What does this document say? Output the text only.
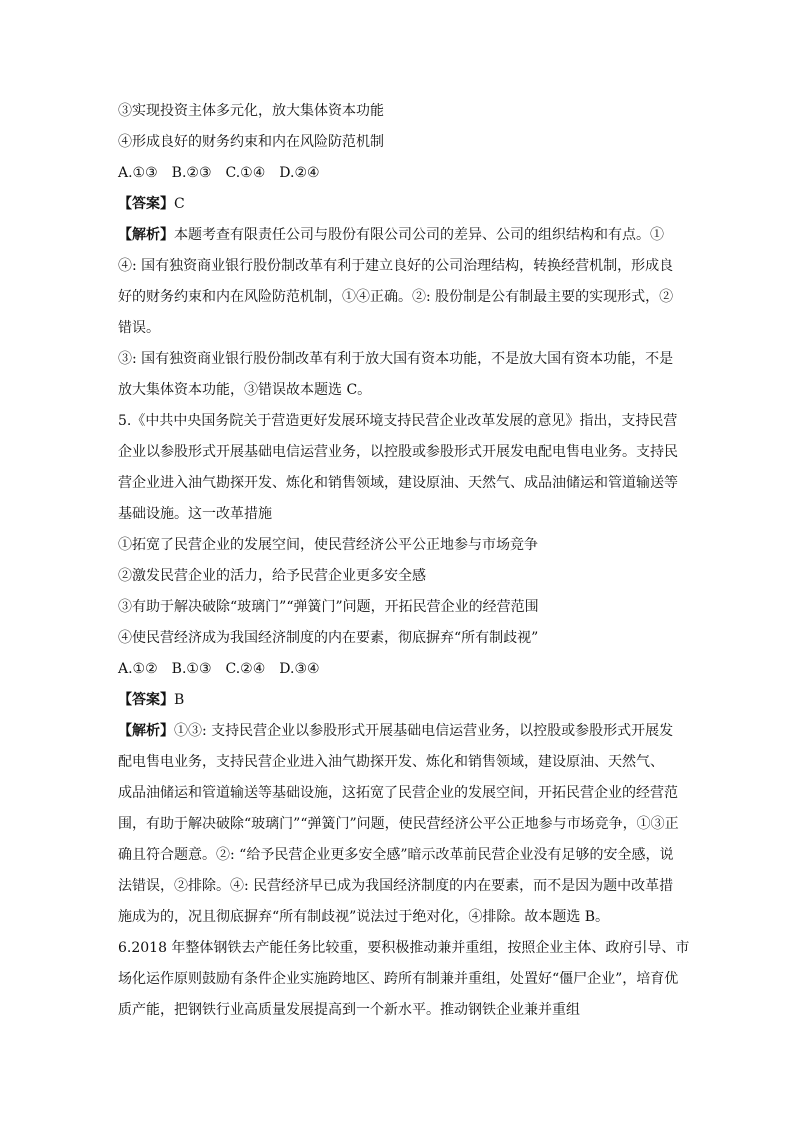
③实现投资主体多元化，放大集体资本功能
④形成良好的财务约束和内在风险防范机制
A.①③ B.②③ C.①④ D.②④
【答案】C
【解析】本题考查有限责任公司与股份有限公司公司的差异、公司的组织结构和有点。①
④: 国有独资商业银行股份制改革有利于建立良好的公司治理结构，转换经营机制，形成良
好的财务约束和内在风险防范机制，①④正确。②: 股份制是公有制最主要的实现形式，②
错误。
③: 国有独资商业银行股份制改革有利于放大国有资本功能，不是放大国有资本功能，不是
放大集体资本功能，③错误故本题选 C。
5.《中共中央国务院关于营造更好发展环境支持民营企业改革发展的意见》指出，支持民营
企业以参股形式开展基础电信运营业务，以控股或参股形式开展发电配电售电业务。支持民
营企业进入油气勘探开发、炼化和销售领域，建设原油、天然气、成品油储运和管道输送等
基础设施。这一改革措施
①拓宽了民营企业的发展空间，使民营经济公平公正地参与市场竞争
②激发民营企业的活力，给予民营企业更多安全感
③有助于解决破除“玻璃门”“弹簧门”问题，开拓民营企业的经营范围
④使民营经济成为我国经济制度的内在要素，彻底摒弃“所有制歧视”
A.①② B.①③ C.②④ D.③④
【答案】B
【解析】①③: 支持民营企业以参股形式开展基础电信运营业务，以控股或参股形式开展发
配电售电业务，支持民营企业进入油气勘探开发、炼化和销售领域，建设原油、天然气、
成品油储运和管道输送等基础设施，这拓宽了民营企业的发展空间，开拓民营企业的经营范
围，有助于解决破除“玻璃门”“弹簧门”问题，使民营经济公平公正地参与市场竞争，①③正
确且符合题意。②: “给予民营企业更多安全感”暗示改革前民营企业没有足够的安全感，说
法错误，②排除。④: 民营经济早已成为我国经济制度的内在要素，而不是因为题中改革措
施成为的，况且彻底摒弃“所有制歧视”说法过于绝对化，④排除。故本题选 B。
6.2018 年整体钢铁去产能任务比较重，要积极推动兼并重组，按照企业主体、政府引导、市
场化运作原则鼓励有条件企业实施跨地区、跨所有制兼并重组，处置好“僵尸企业”，培育优
质产能，把钢铁行业高质量发展提高到一个新水平。推动钢铁企业兼并重组
